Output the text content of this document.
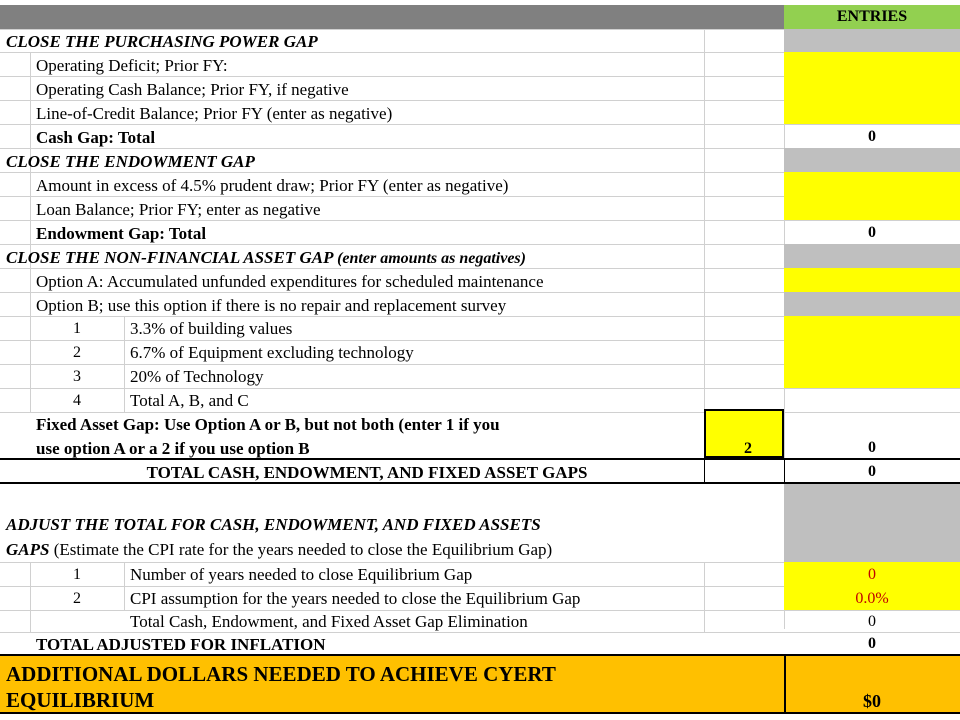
ENTRIES
CLOSE THE PURCHASING POWER GAP
Operating Deficit; Prior FY:
Operating Cash Balance; Prior FY, if negative
Line-of-Credit Balance; Prior FY (enter as negative)
Cash Gap: Total	0
CLOSE THE ENDOWMENT GAP
Amount in excess of 4.5% prudent draw; Prior FY (enter as negative)
Loan Balance; Prior FY; enter as negative
Endowment Gap: Total	0
CLOSE THE NON-FINANCIAL ASSET GAP (enter amounts as negatives)
Option A: Accumulated unfunded expenditures for scheduled maintenance
Option B; use this option if there is no repair and replacement survey
1	3.3% of building values
2	6.7% of Equipment excluding technology
3	20% of Technology
4	Total A, B, and C
Fixed Asset Gap: Use Option A or B, but not both (enter 1 if you
use option A or a 2 if you use option B	2	0
TOTAL CASH, ENDOWMENT, AND FIXED ASSET GAPS	0
ADJUST THE TOTAL FOR CASH, ENDOWMENT, AND FIXED ASSETS
GAPS (Estimate the CPI rate for the years needed to close the Equilibrium Gap)
1	Number of years needed to close Equilibrium Gap	0
2	CPI assumption for the years needed to close the Equilibrium Gap	0.0%
Total Cash, Endowment, and Fixed Asset Gap Elimination	0
TOTAL ADJUSTED FOR INFLATION	0
ADDITIONAL DOLLARS NEEDED TO ACHIEVE CYERT
EQUILIBRIUM	$0
